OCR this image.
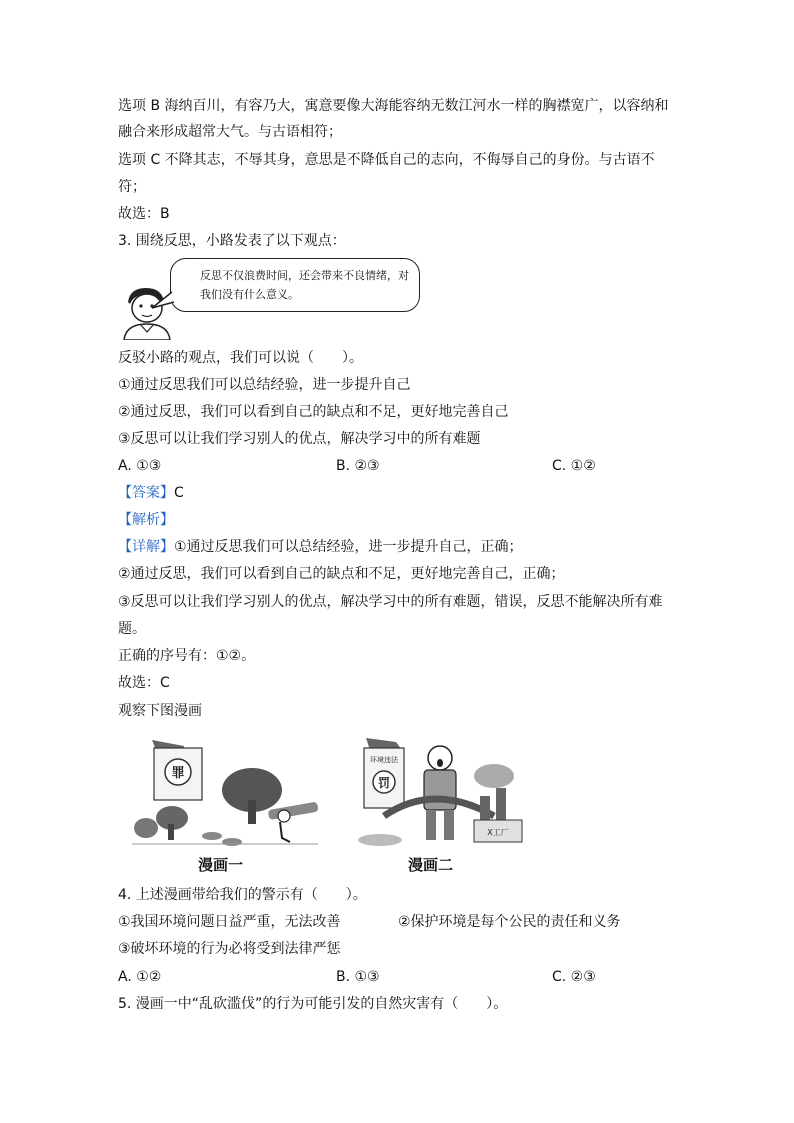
选项 B 海纳百川，有容乃大，寓意要像大海能容纳无数江河水一样的胸襟宽广，以容纳和
融合来形成超常大气。与古语相符；
选项 C 不降其志，不辱其身，意思是不降低自己的志向，不侮辱自己的身份。与古语不
符；
故选：B
3. 围绕反思，小路发表了以下观点：
反思不仅浪费时间，还会带来不良情绪，对我们没有什么意义。
反驳小路的观点，我们可以说（　　）。
①通过反思我们可以总结经验，进一步提升自己
②通过反思，我们可以看到自己的缺点和不足，更好地完善自己
③反思可以让我们学习别人的优点，解决学习中的所有难题
A. ①③	B. ②③	C. ①②
【答案】C
【解析】
【详解】①通过反思我们可以总结经验，进一步提升自己，正确；
②通过反思，我们可以看到自己的缺点和不足，更好地完善自己，正确；
③反思可以让我们学习别人的优点，解决学习中的所有难题，错误，反思不能解决所有难
题。
正确的序号有：①②。
故选：C
观察下图漫画
罪
漫画一
环境违法
罚
X工厂
漫画二
4. 上述漫画带给我们的警示有（　　）。
①我国环境问题日益严重，无法改善	②保护环境是每个公民的责任和义务
③破坏环境的行为必将受到法律严惩
A. ①②	B. ①③	C. ②③
5. 漫画一中“乱砍滥伐”的行为可能引发的自然灾害有（　　）。
